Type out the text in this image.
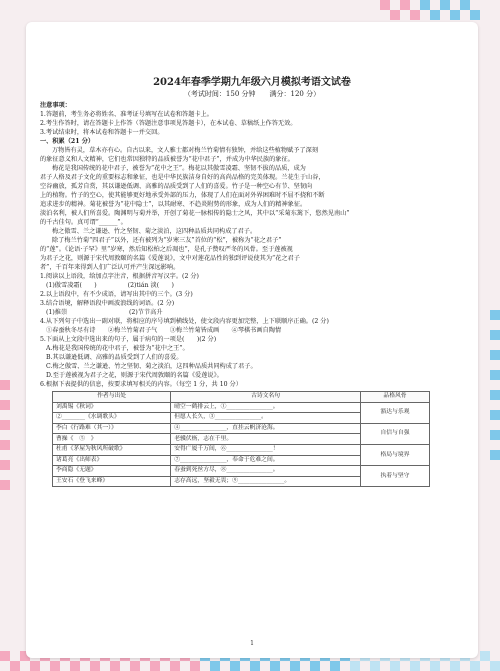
2024年春季学期九年级六月模拟考语文试卷
（考试时间：150 分钟　　满分：120 分）
注意事项：
1.答题前，考生务必将姓名、准考证号填写在试卷和答题卡上。
2.考生作答时，请在答题卡上作答（答题注意事项见答题卡），在本试卷、草稿纸上作答无效。
3.考试结束时，将本试卷和答题卡一并交回。
一、积累（21 分）
万物皆有灵，草木亦有心。自古以来，文人雅士都对梅兰竹菊情有独钟，并给这些植物赋予了深刻
的象征意义和人文精神，它们也常因独特的品质被誉为“花中君子”，并成为中华民族的象征。
梅花是我国传统的花中君子，被誉为“花中之王”。梅花以其傲雪凌霜、坚韧不拔的品质，成为
君子人格及君子文化的重要标志和象征，也是中华民族洁身自好的高尚品格的完美体现。兰花生于山谷，
空谷幽放，孤芳自赏，其以谦逊低调、高雅的品质受到了人们的喜爱。竹子是一种空心有节、坚韧向
上的植物。竹子的空心，使其能够更好地承受外部的压力，体现了人们在面对外界困难时不屈不挠和不断
追求进步的精神。菊花被誉为“花中隐士”，以其耐寒、不趋炎附势的形象，成为人们的精神象征。
淡泊名利，被人们所喜爱。陶渊明与菊并举，开创了菊花一脉相传的隐士之风，其中以“采菊东篱下，悠然见南山”
的千古佳句。真可谓“______”。
梅之傲雪、兰之谦逊、竹之坚韧、菊之淡泊，这四种品质共同构成了君子。
除了梅兰竹菊“四君子”以外，还有被列为“岁寒三友”首位的“松”，被称为“花之君子”
的“莲”。《论语·子罕》里“岁寒，然后知松柏之后凋也”，是孔子赞叹严冬的风骨。至于莲被视
为君子之花，则源于宋代周敦颐的名篇《爱莲说》，文中对莲花品性的独到评说使其为“花之君子
者”，千百年来得到人们广泛认可并产生深远影响。
1.阅读以上语段，给加点字注音，根据拼音写汉字。(2 分)
(1)傲雪凌霜(　　)　　　　　(2)tián 淡(　　)
2.以上语段中，有不少成语，请写出其中的三个。(3 分)
3.结合语境，解释语段中画波浪线的词语。(2 分)
(1)推崇　　　　　　　　　　(2)节节高升
4.从下列句子中选出一副对联，将相应的序号填到横线处，使文段内容更加完整，上下联顺序正确。(2 分)
①春蚕秋冬尽有诗　　②梅兰竹菊君子气　　③梅兰竹菊皆成画　　④琴棋书画自陶情
5.下面从上文段中选出来的句子，属于病句的一项是(　　)(2 分)
A.梅花是我国传统的花中君子，被誉为“花中之王”。
B.其以谦逊低调、高雅的品质受到了人们的喜爱。
C.梅之傲雪、兰之谦逊、竹之坚韧、菊之淡泊，这四种品质共同构成了君子。
D.至于莲被视为君子之花，则源于宋代周敦颐的名篇《爱莲说》。
6.根据下表提供的信息，按要求填写相关的内容。（每空 1 分，共 10 分）
作者与出处	古诗文名句	品格风骨
刘禹锡《秋词》	晴空一鹤排云上，①________________。	豁达与乐观
②________《水调歌头》	但愿人长久，③________________。	
李白《行路难（其一）》	④________________，直挂云帆济沧海。	自信与自强
曹操《　⑤　》	老骥伏枥，志在千里。	
杜甫《茅屋为秋风所破歌》	安得广厦千万间，⑥________________！	格局与境界
诸葛亮《出师表》	⑦________________，奉命于危难之间。	
李商隐《无题》	春蚕到死丝方尽，⑧________________。	执着与坚守
王安石《登飞来峰》	志存高远，坚毅无畏；⑨________________。	
1
